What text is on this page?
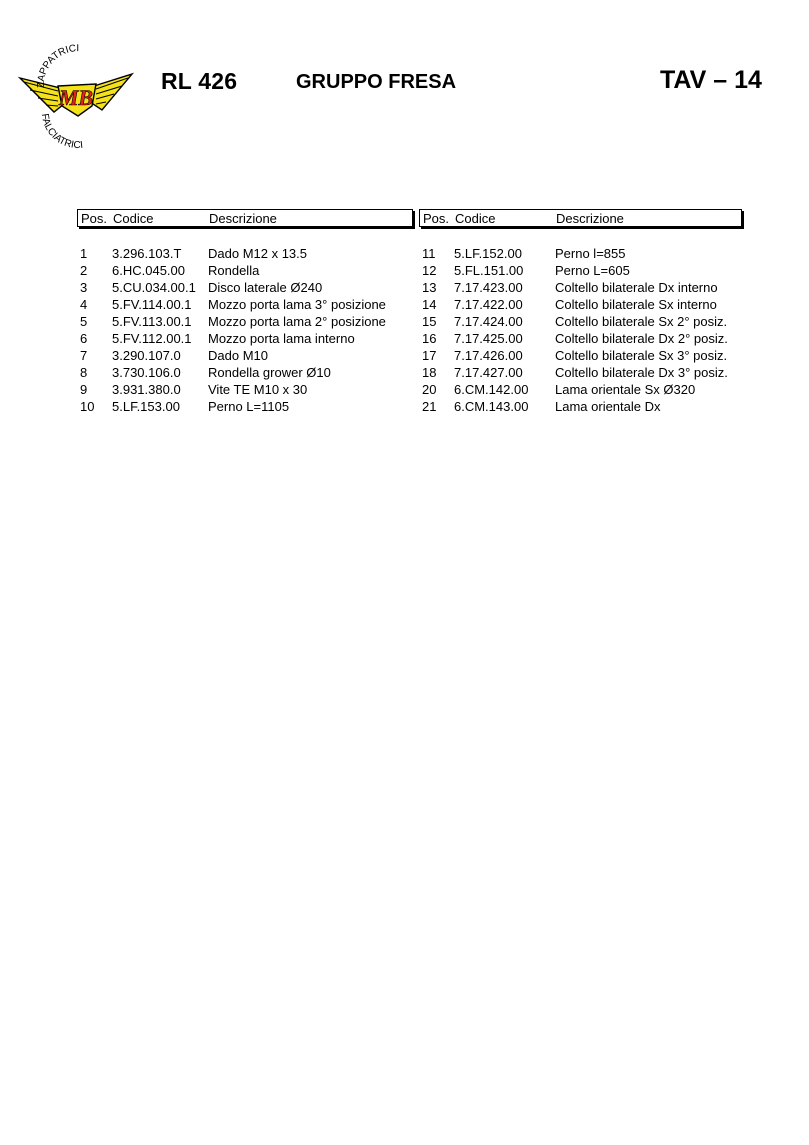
MB
ZAPPATRICI
FALCIATRICI
RL 426	GRUPPO FRESA	TAV – 14
Pos. Codice	Descrizione
1 3.296.103.T Dado M12 x 13.5
2 6.HC.045.00 Rondella
3 5.CU.034.00.1 Disco laterale Ø240
4 5.FV.114.00.1 Mozzo porta lama 3° posizione
5 5.FV.113.00.1 Mozzo porta lama 2° posizione
6 5.FV.112.00.1 Mozzo porta lama interno
7 3.290.107.0 Dado M10
8 3.730.106.0 Rondella grower Ø10
9 3.931.380.0 Vite TE M10 x 30
10 5.LF.153.00 Perno L=1105
Pos. Codice	Descrizione
11 5.LF.152.00	Perno l=855
12 5.FL.151.00 Perno L=605
13 7.17.423.00 Coltello bilaterale Dx interno
14 7.17.422.00 Coltello bilaterale Sx interno
15 7.17.424.00 Coltello bilaterale Sx 2° posiz.
16 7.17.425.00 Coltello bilaterale Dx 2° posiz.
17 7.17.426.00 Coltello bilaterale Sx 3° posiz.
18 7.17.427.00 Coltello bilaterale Dx 3° posiz.
20 6.CM.142.00 Lama orientale Sx Ø320
21 6.CM.143.00 Lama orientale Dx
